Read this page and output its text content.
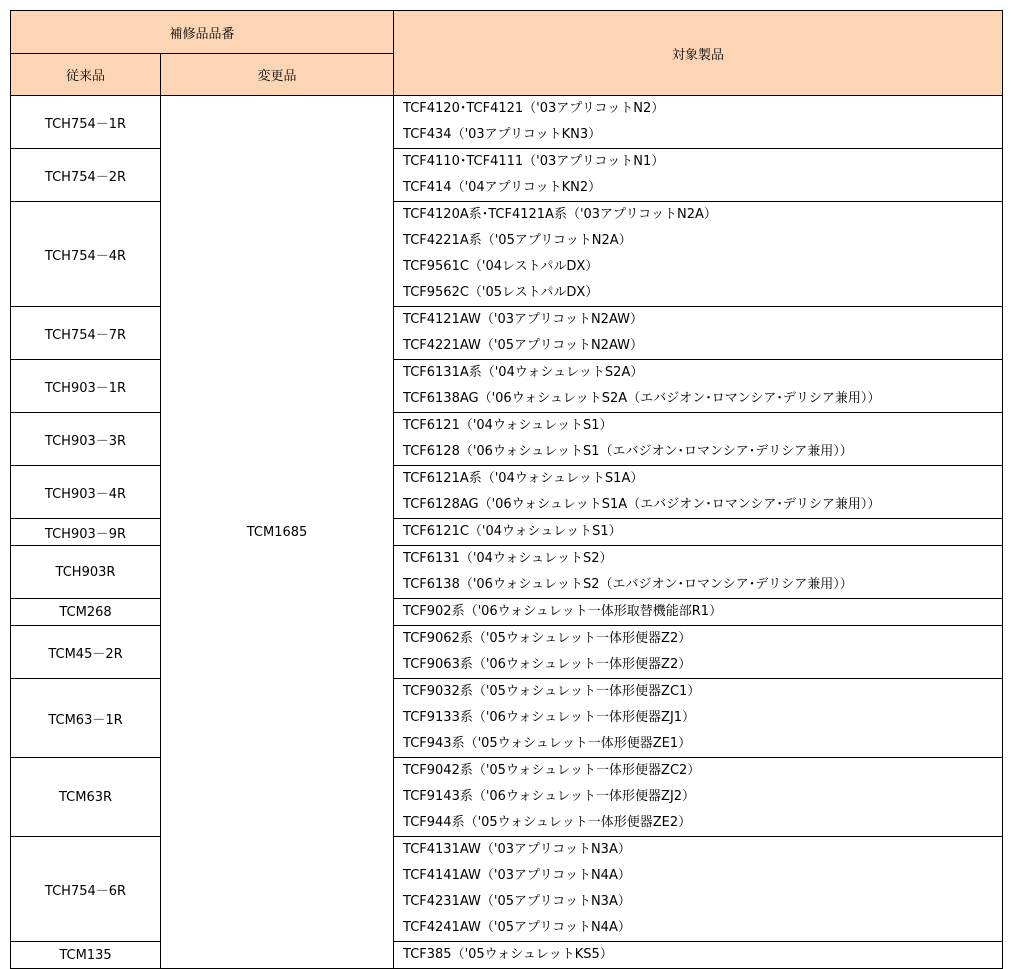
補修品品番		対象製品
従来品	変更品	
TCH754－1R	TCM1685	TCF4120･TCF4121（'03アプリコットN2）
TCF434（'03アプリコットKN3）

TCH754－2R		TCF4110･TCF4111（'03アプリコットN1）
TCF414（'04アプリコットKN2）

TCH754－4R		TCF4120A系･TCF4121A系（'03アプリコットN2A）
TCF4221A系（'05アプリコットN2A）
TCF9561C（'04レストパルDX）
TCF9562C（'05レストパルDX）

TCH754－7R		TCF4121AW（'03アプリコットN2AW）
TCF4221AW（'05アプリコットN2AW）

TCH903－1R		TCF6131A系（'04ウォシュレットS2A）
TCF6138AG（'06ウォシュレットS2A（エバジオン･ロマンシア･デリシア兼用））

TCH903－3R		TCF6121（'04ウォシュレットS1）
TCF6128（'06ウォシュレットS1（エバジオン･ロマンシア･デリシア兼用））

TCH903－4R		TCF6121A系（'04ウォシュレットS1A）
TCF6128AG（'06ウォシュレットS1A（エバジオン･ロマンシア･デリシア兼用））

TCH903－9R		TCF6121C（'04ウォシュレットS1）

TCH903R		TCF6131（'04ウォシュレットS2）
TCF6138（'06ウォシュレットS2（エバジオン･ロマンシア･デリシア兼用））

TCM268		TCF902系（'06ウォシュレット一体形取替機能部R1）

TCM45－2R		TCF9062系（'05ウォシュレット一体形便器Z2）
TCF9063系（'06ウォシュレット一体形便器Z2）

TCM63－1R		TCF9032系（'05ウォシュレット一体形便器ZC1）
TCF9133系（'06ウォシュレット一体形便器ZJ1）
TCF943系（'05ウォシュレット一体形便器ZE1）

TCM63R		TCF9042系（'05ウォシュレット一体形便器ZC2）
TCF9143系（'06ウォシュレット一体形便器ZJ2）
TCF944系（'05ウォシュレット一体形便器ZE2）

TCH754－6R		TCF4131AW（'03アプリコットN3A）
TCF4141AW（'03アプリコットN4A）
TCF4231AW（'05アプリコットN3A）
TCF4241AW（'05アプリコットN4A）

TCM135		TCF385（'05ウォシュレットKS5）
